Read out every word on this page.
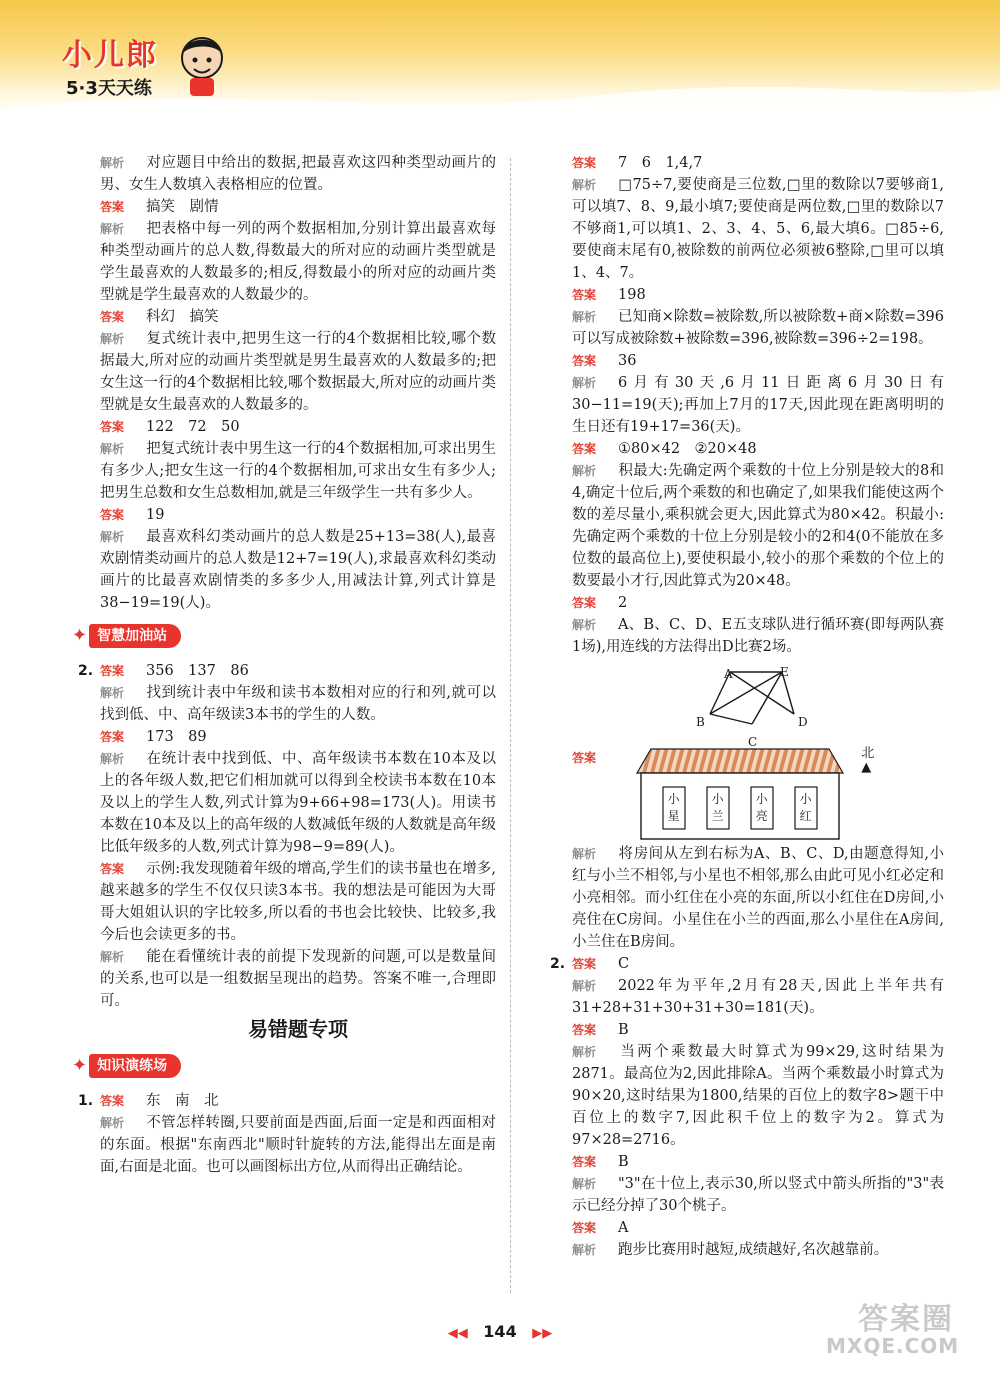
小儿郎
5·3天天练
解析 对应题目中给出的数据,把最喜欢这四种类型动画片的男、女生人数填入表格相应的位置。
答案 搞笑　剧情
解析 把表格中每一列的两个数据相加,分别计算出最喜欢每种类型动画片的总人数,得数最大的所对应的动画片类型就是学生最喜欢的人数最多的;相反,得数最小的所对应的动画片类型就是学生最喜欢的人数最少的。
答案 科幻　搞笑
解析 复式统计表中,把男生这一行的4个数据相比较,哪个数据最大,所对应的动画片类型就是男生最喜欢的人数最多的;把女生这一行的4个数据相比较,哪个数据最大,所对应的动画片类型就是女生最喜欢的人数最多的。
答案 122　72　50
解析 把复式统计表中男生这一行的4个数据相加,可求出男生有多少人;把女生这一行的4个数据相加,可求出女生有多少人;把男生总数和女生总数相加,就是三年级学生一共有多少人。
答案 19
解析 最喜欢科幻类动画片的总人数是25+13=38(人),最喜欢剧情类动画片的总人数是12+7=19(人),求最喜欢科幻类动画片的比最喜欢剧情类的多多少人,用减法计算,列式计算是38−19=19(人)。
✦ 智慧加油站
2. 答案 356　137　86
解析 找到统计表中年级和读书本数相对应的行和列,就可以找到低、中、高年级读3本书的学生的人数。
答案 173　89
解析 在统计表中找到低、中、高年级读书本数在10本及以上的各年级人数,把它们相加就可以得到全校读书本数在10本及以上的学生人数,列式计算为9+66+98=173(人)。用读书本数在10本及以上的高年级的人数减低年级的人数就是高年级比低年级多的人数,列式计算为98−9=89(人)。
答案 示例:我发现随着年级的增高,学生们的读书量也在增多,越来越多的学生不仅仅只读3本书。我的想法是可能因为大哥哥大姐姐认识的字比较多,所以看的书也会比较快、比较多,我今后也会读更多的书。
解析 能在看懂统计表的前提下发现新的问题,可以是数量间的关系,也可以是一组数据呈现出的趋势。答案不唯一,合理即可。
易错题专项
✦ 知识演练场
1. 答案 东　南　北
解析 不管怎样转圈,只要前面是西面,后面一定是和西面相对的东面。根据"东南西北"顺时针旋转的方法,能得出左面是南面,右面是北面。也可以画图标出方位,从而得出正确结论。
答案 7　6　1,4,7
解析 □75÷7,要使商是三位数,□里的数除以7要够商1,可以填7、8、9,最小填7;要使商是两位数,□里的数除以7不够商1,可以填1、2、3、4、5、6,最大填6。□85÷6,要使商末尾有0,被除数的前两位必须被6整除,□里可以填1、4、7。
答案 198
解析 已知商×除数=被除数,所以被除数+商×除数=396可以写成被除数+被除数=396,被除数=396÷2=198。
答案 36
解析 6月有30天,6月11日距离6月30日有30−11=19(天);再加上7月的17天,因此现在距离明明的生日还有19+17=36(天)。
答案 ①80×42　②20×48
解析 积最大:先确定两个乘数的十位上分别是较大的8和4,确定十位后,两个乘数的和也确定了,如果我们能使这两个数的差尽量小,乘积就会更大,因此算式为80×42。积最小:先确定两个乘数的十位上分别是较小的2和4(0不能放在多位数的最高位上),要使积最小,较小的那个乘数的个位上的数要最小才行,因此算式为20×48。
答案 2
解析 A、B、C、D、E五支球队进行循环赛(即每两队赛1场),用连线的方法得出D比赛2场。
A	E
B	D
C
答案
小
星
小
兰
小
亮
小
红
北
▲
解析 将房间从左到右标为A、B、C、D,由题意得知,小红与小兰不相邻,与小星也不相邻,那么由此可见小红必定和小亮相邻。而小红住在小亮的东面,所以小红住在D房间,小亮住在C房间。小星住在小兰的西面,那么小星住在A房间,小兰住在B房间。
2. 答案 C
解析 2022年为平年,2月有28天,因此上半年共有31+28+31+30+31+30=181(天)。
答案 B
解析 当两个乘数最大时算式为99×29,这时结果为2871。最高位为2,因此排除A。当两个乘数最小时算式为90×20,这时结果为1800,结果的百位上的数字8>题干中百位上的数字7,因此积千位上的数字为2。算式为97×28=2716。
答案 B
解析 "3"在十位上,表示30,所以竖式中箭头所指的"3"表示已经分掉了30个桃子。
答案 A
解析 跑步比赛用时越短,成绩越好,名次越靠前。
◀◀ 144 ▶▶	答案圈
MXQE.COM
